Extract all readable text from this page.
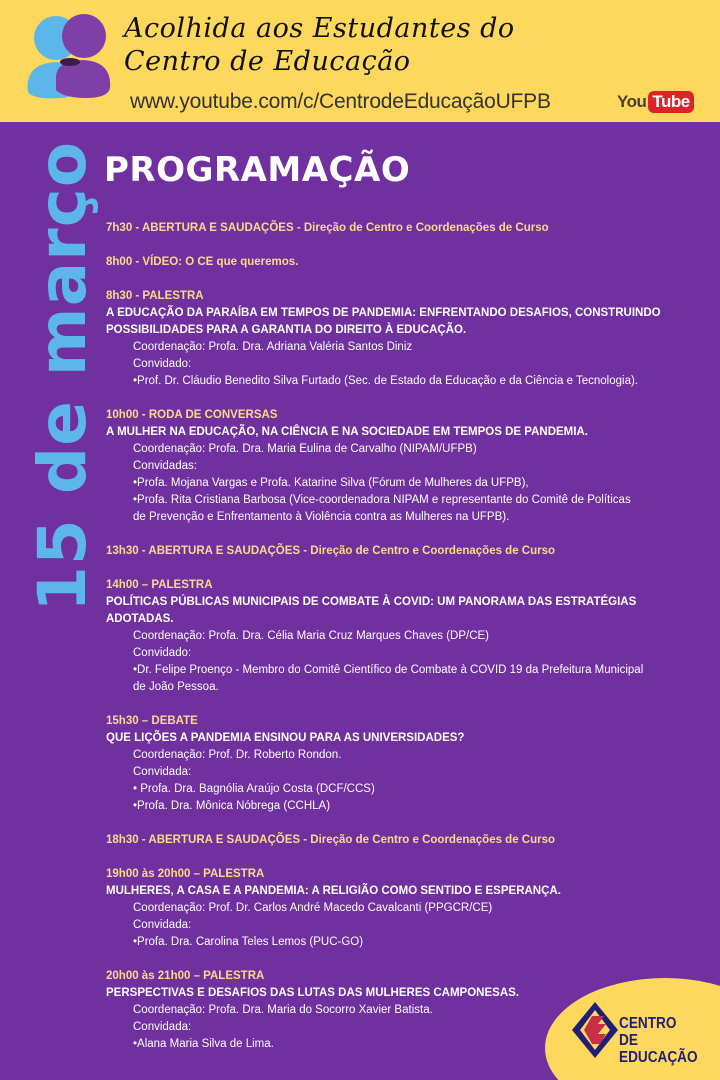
Acolhida aos Estudantes do
Centro de Educação
www.youtube.com/c/CentrodeEducaçãoUFPB	You Tube
15 de março PROGRAMAÇÃO
7h30 - ABERTURA E SAUDAÇÕES - Direção de Centro e Coordenações de Curso
8h00 - VÍDEO: O CE que queremos.
8h30 - PALESTRA
A EDUCAÇÃO DA PARAÍBA EM TEMPOS DE PANDEMIA: ENFRENTANDO DESAFIOS, CONSTRUINDO POSSIBILIDADES PARA A GARANTIA DO DIREITO À EDUCAÇÃO.
Coordenação: Profa. Dra. Adriana Valéria Santos Diniz
Convidado:
•Prof. Dr. Cláudio Benedito Silva Furtado (Sec. de Estado da Educação e da Ciência e Tecnologia).
10h00 - RODA DE CONVERSAS
A MULHER NA EDUCAÇÃO, NA CIÊNCIA E NA SOCIEDADE EM TEMPOS DE PANDEMIA.
Coordenação: Profa. Dra. Maria Eulina de Carvalho (NIPAM/UFPB)
Convidadas:
•Profa. Mojana Vargas e Profa. Katarine Silva (Fórum de Mulheres da UFPB),
•Profa. Rita Cristiana Barbosa (Vice-coordenadora NIPAM e representante do Comitê de Políticas
de Prevenção e Enfrentamento à Violência contra as Mulheres na UFPB).
13h30 - ABERTURA E SAUDAÇÕES - Direção de Centro e Coordenações de Curso
14h00 – PALESTRA
POLÍTICAS PÚBLICAS MUNICIPAIS DE COMBATE À COVID: UM PANORAMA DAS ESTRATÉGIAS ADOTADAS.
Coordenação: Profa. Dra. Célia Maria Cruz Marques Chaves (DP/CE)
Convidado:
•Dr. Felipe Proenço - Membro do Comitê Científico de Combate à COVID 19 da Prefeitura Municipal
de João Pessoa.
15h30 – DEBATE
QUE LIÇÕES A PANDEMIA ENSINOU PARA AS UNIVERSIDADES?
Coordenação: Prof. Dr. Roberto Rondon.
Convidada:
• Profa. Dra. Bagnólia Araújo Costa (DCF/CCS)
•Profa. Dra. Mônica Nóbrega (CCHLA)
18h30 - ABERTURA E SAUDAÇÕES - Direção de Centro e Coordenações de Curso
19h00 às 20h00 – PALESTRA
MULHERES, A CASA E A PANDEMIA: A RELIGIÃO COMO SENTIDO E ESPERANÇA.
Coordenação: Prof. Dr. Carlos André Macedo Cavalcanti (PPGCR/CE)
Convidada:
•Profa. Dra. Carolina Teles Lemos (PUC-GO)
20h00 às 21h00 – PALESTRA
PERSPECTIVAS E DESAFIOS DAS LUTAS DAS MULHERES CAMPONESAS.
Coordenação: Profa. Dra. Maria do Socorro Xavier Batista.
Convidada:
•Alana Maria Silva de Lima.
CENTRO
DE EDUCAÇÃO
